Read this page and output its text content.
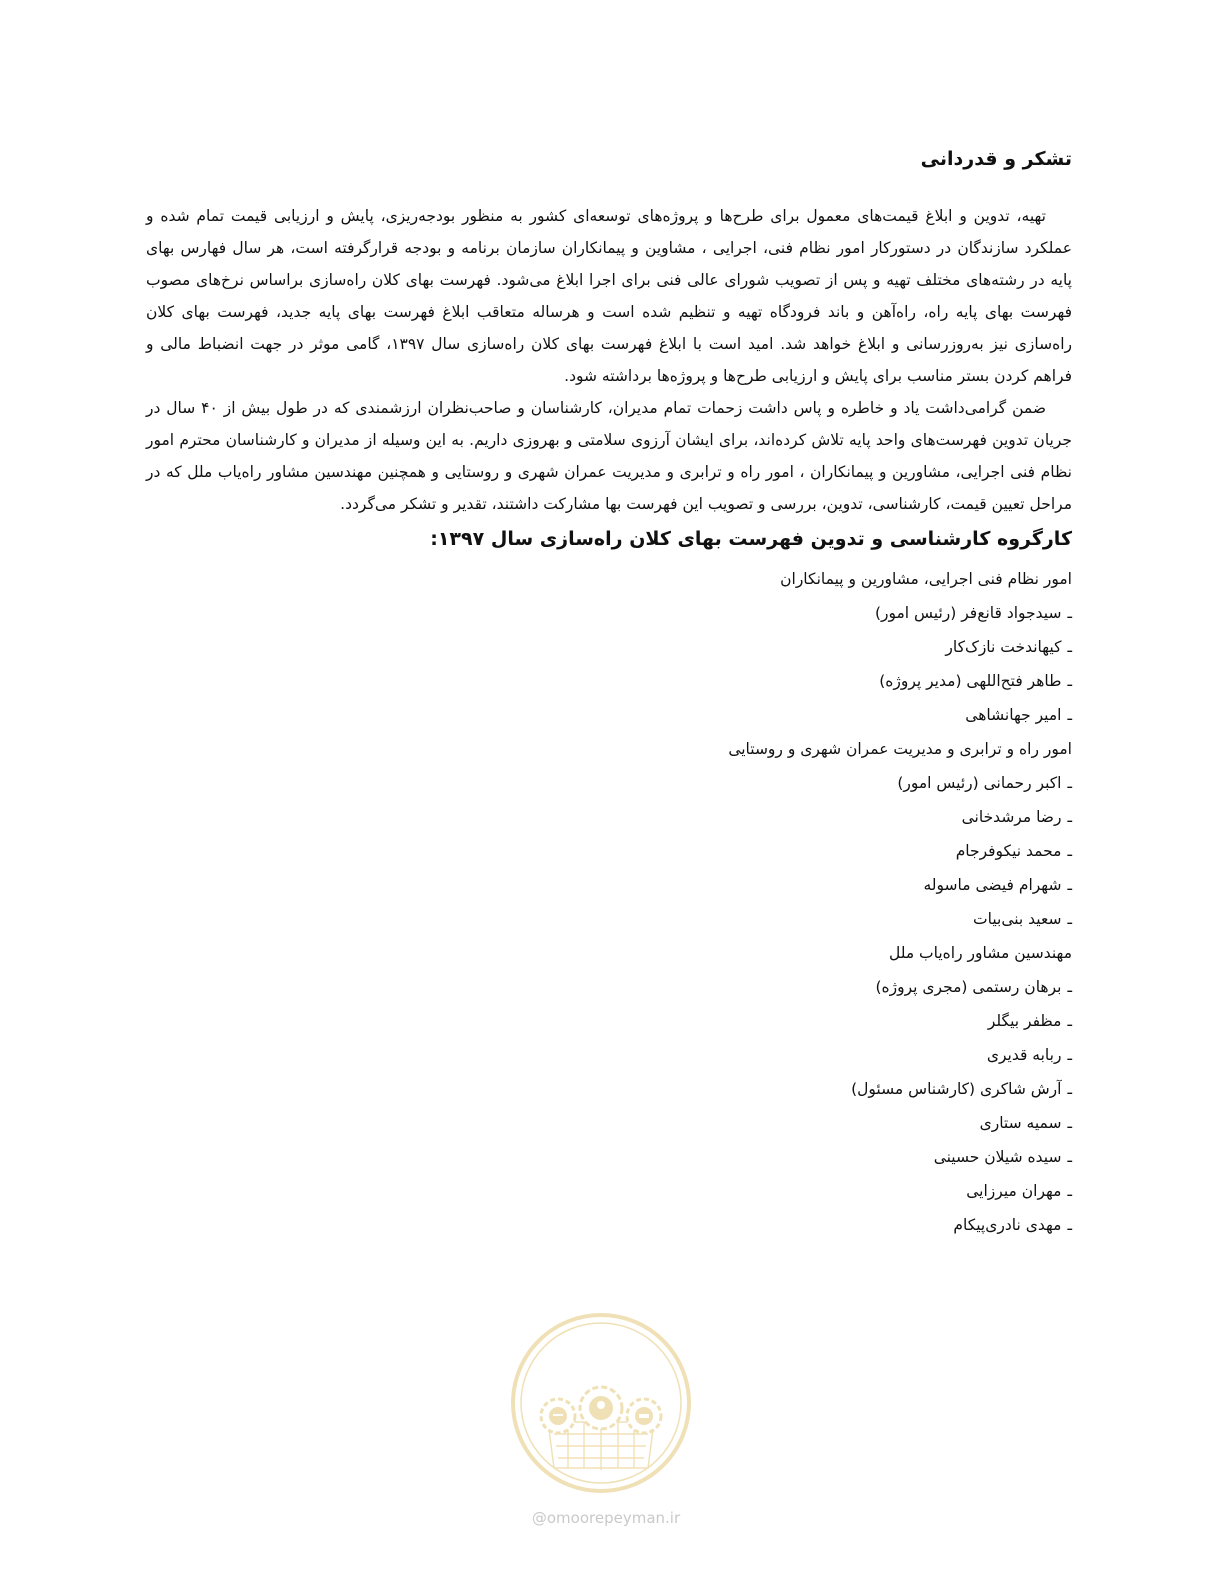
تشکر و قدردانی

تهیه، تدوین و ابلاغ قیمت‌های معمول برای طرح‌ها و پروژه‌های توسعه‌ای کشور به منظور بودجه‌ریزی، پایش و ارزیابی قیمت تمام شده و عملکرد سازندگان در دستورکار امور نظام فنی، اجرایی ، مشاوین و پیمانکاران سازمان برنامه و بودجه قرارگرفته است، هر سال فهارس بهای پایه در رشته‌های مختلف تهیه و پس از تصویب شورای عالی فنی برای اجرا ابلاغ می‌شود. فهرست بهای کلان راه‌سازی براساس نرخ‌های مصوب فهرست بهای پایه راه، راه‌آهن و باند فرودگاه تهیه و تنظیم شده است و هرساله متعاقب ابلاغ فهرست بهای پایه جدید، فهرست بهای کلان راه‌سازی نیز به‌روزرسانی و ابلاغ خواهد شد. امید است با ابلاغ فهرست بهای کلان راه‌سازی سال ۱۳۹۷، گامی موثر در جهت انضباط مالی و فراهم کردن بستر مناسب برای پایش و ارزیابی طرح‌ها و پروژه‌ها برداشته شود.

ضمن گرامی‌داشت یاد و خاطره و پاس داشت زحمات تمام مدیران، کارشناسان و صاحب‌نظران ارزشمندی که در طول بیش از ۴۰ سال در جریان تدوین فهرست‌های واحد پایه تلاش کرده‌اند، برای ایشان آرزوی سلامتی و بهروزی داریم. به این وسیله از مدیران و کارشناسان محترم امور نظام فنی اجرایی، مشاورین و پیمانکاران ، امور راه و ترابری و مدیریت عمران شهری و روستایی و همچنین مهندسین مشاور راه‌یاب ملل که در مراحل تعیین قیمت، کارشناسی، تدوین، بررسی و تصویب این فهرست بها مشارکت داشتند، تقدیر و تشکر می‌گردد.

کارگروه کارشناسی و تدوین فهرست بهای کلان راه‌سازی سال ۱۳۹۷:

امور نظام فنی اجرایی، مشاورین و پیمانکاران

ـسیدجواد قانع‌فر (رئیس امور)

ـکیهاندخت نازک‌کار

ـطاهر فتح‌اللهی (مدیر پروژه)

ـامیر جهانشاهی

امور راه و ترابری و مدیریت عمران شهری و روستایی

ـاکبر رحمانی (رئیس امور)

ـرضا مرشدخانی

ـمحمد نیکوفرجام

ـشهرام فیضی ماسوله

ـسعید بنی‌بیات

مهندسین مشاور راه‌یاب ملل

ـبرهان رستمی (مجری پروژه)

ـمظفر بیگلر

ـربابه قدیری

ـآرش شاکری (کارشناس مسئول)

ـسمیه ستاری

ـسیده شیلان حسینی

ـمهران میرزایی

ـمهدی نادری‌پیکام

@omoorepeyman.ir
